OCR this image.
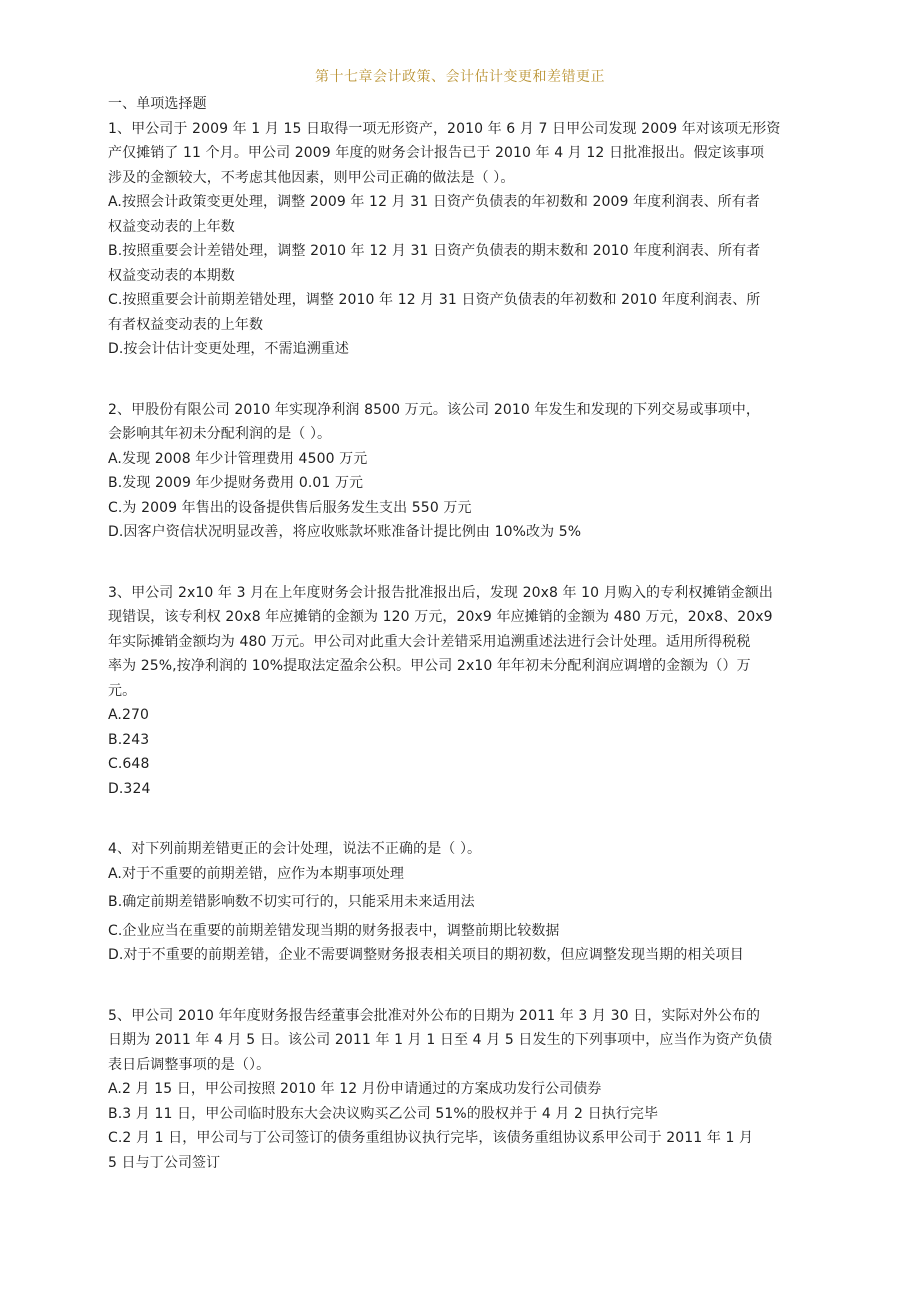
第十七章会计政策、会计估计变更和差错更正
一、单项选择题
1、甲公司于 2009 年 1 月 15 日取得一项无形资产，2010 年 6 月 7 日甲公司发现 2009 年对该项无形资
产仅摊销了 11 个月。甲公司 2009 年度的财务会计报告已于 2010 年 4 月 12 日批准报出。假定该事项
涉及的金额较大，不考虑其他因素，则甲公司正确的做法是（ ）。
A.按照会计政策变更处理，调整 2009 年 12 月 31 日资产负债表的年初数和 2009 年度利润表、所有者
权益变动表的上年数
B.按照重要会计差错处理，调整 2010 年 12 月 31 日资产负债表的期末数和 2010 年度利润表、所有者
权益变动表的本期数
C.按照重要会计前期差错处理，调整 2010 年 12 月 31 日资产负债表的年初数和 2010 年度利润表、所
有者权益变动表的上年数
D.按会计估计变更处理，不需追溯重述
2、甲股份有限公司 2010 年实现净利润 8500 万元。该公司 2010 年发生和发现的下列交易或事项中，
会影响其年初未分配利润的是（ ）。
A.发现 2008 年少计管理费用 4500 万元
B.发现 2009 年少提财务费用 0.01 万元
C.为 2009 年售出的设备提供售后服务发生支出 550 万元
D.因客户资信状况明显改善，将应收账款坏账准备计提比例由 10%改为 5%
3、甲公司 2x10 年 3 月在上年度财务会计报告批准报出后，发现 20x8 年 10 月购入的专利权摊销金额出
现错误，该专利权 20x8 年应摊销的金额为 120 万元，20x9 年应摊销的金额为 480 万元，20x8、20x9
年实际摊销金额均为 480 万元。甲公司对此重大会计差错采用追溯重述法进行会计处理。适用所得税税
率为 25%,按净利润的 10%提取法定盈余公积。甲公司 2x10 年年初未分配利润应调增的金额为（）万
元。
A.270
B.243
C.648
D.324
4、对下列前期差错更正的会计处理，说法不正确的是（ ）。
A.对于不重要的前期差错，应作为本期事项处理
B.确定前期差错影响数不切实可行的，只能采用未来适用法
C.企业应当在重要的前期差错发现当期的财务报表中，调整前期比较数据
D.对于不重要的前期差错，企业不需要调整财务报表相关项目的期初数，但应调整发现当期的相关项目
5、甲公司 2010 年年度财务报告经董事会批准对外公布的日期为 2011 年 3 月 30 日，实际对外公布的
日期为 2011 年 4 月 5 日。该公司 2011 年 1 月 1 日至 4 月 5 日发生的下列事项中，应当作为资产负债
表日后调整事项的是（）。
A.2 月 15 日，甲公司按照 2010 年 12 月份申请通过的方案成功发行公司债券
B.3 月 11 日，甲公司临时股东大会决议购买乙公司 51%的股权并于 4 月 2 日执行完毕
C.2 月 1 日，甲公司与丁公司签订的债务重组协议执行完毕，该债务重组协议系甲公司于 2011 年 1 月
5 日与丁公司签订
